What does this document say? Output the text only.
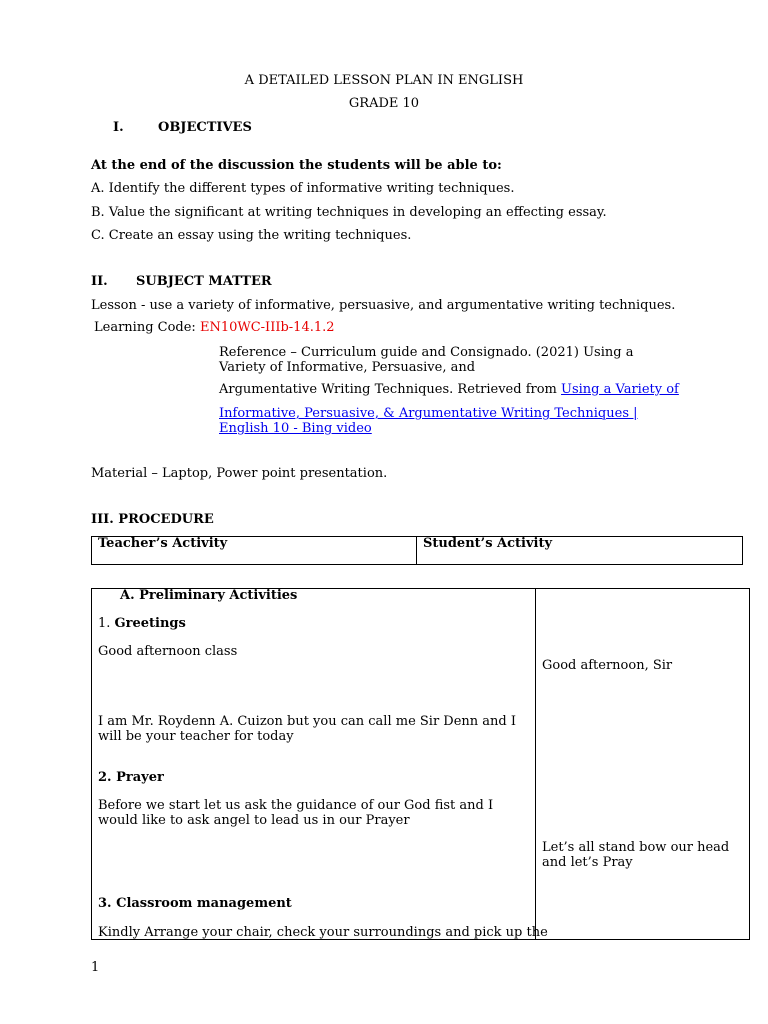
A DETAILED LESSON PLAN IN ENGLISH
GRADE 10
I.	OBJECTIVES
At the end of the discussion the students will be able to:
A. Identify the different types of informative writing techniques.
B. Value the significant at writing techniques in developing an effecting essay.
C. Create an essay using the writing techniques.
II. SUBJECT MATTER
Lesson - use a variety of informative, persuasive, and argumentative writing techniques.
Learning Code: EN10WC-IIIb-14.1.2
Reference – Curriculum guide and Consignado. (2021) Using a Variety of Informative, Persuasive, and
Argumentative Writing Techniques. Retrieved from Using a Variety of
Informative, Persuasive, & Argumentative Writing Techniques | English 10 - Bing video
Material – Laptop, Power point presentation.
III. PROCEDURE
Teacher’s Activity	Student’s Activity
A. Preliminary Activities
1. Greetings
Good afternoon class
Good afternoon, Sir
I am Mr. Roydenn A. Cuizon but you can call me Sir Denn and I will be your teacher for today
2. Prayer
Before we start let us ask the guidance of our God fist and I would like to ask angel to lead us in our Prayer
Let’s all stand bow our head and let’s Pray
3. Classroom management
Kindly Arrange your chair, check your surroundings and pick up the
1
